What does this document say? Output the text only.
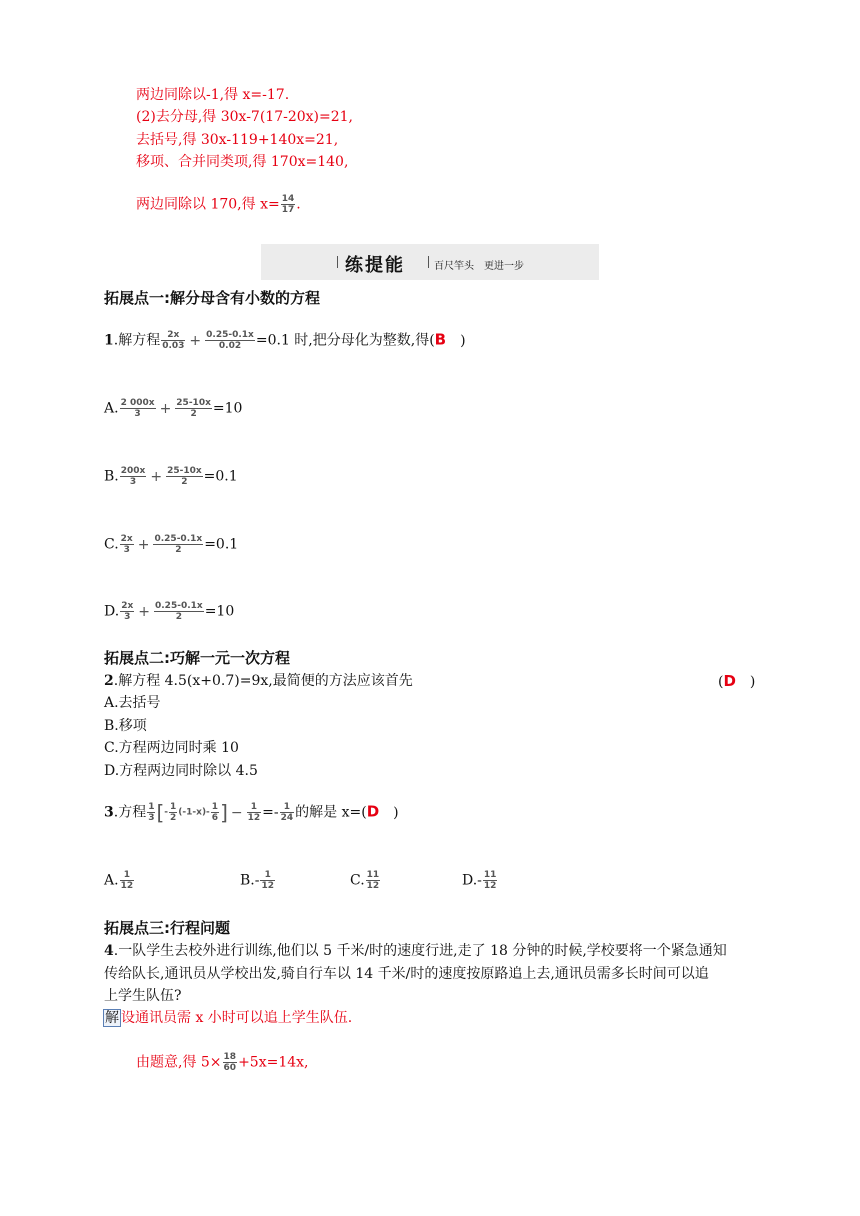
两边同除以-1,得 x=-17.
(2)去分母,得 30x-7(17-20x)=21,
去括号,得 30x-119+140x=21,
移项、合并同类项,得 170x=140,
两边同除以 170,得 $x= \frac{14}{17}$ .
练提能	百尺竿头　更进一步
拓展点一:解分母含有小数的方程
1.解方程 $\frac{2x}{0.03} + \frac{0.25-0.1x}{0.02} =0.1$ 时,把分母化为整数,得(B )
A. $\frac{2 000x}{3} + \frac{25-10x}{2} =10$
B. $\frac{200x}{3} + \frac{25-10x}{2} =0.1$
C. $\frac{2x}{3} + \frac{0.25-0.1x}{2} =0.1$
D. $\frac{2x}{3} + \frac{0.25-0.1x}{2} =10$
拓展点二:巧解一元一次方程
2.解方程 4.5(x+0.7)=9x,最简便的方法应该首先	(D )
A.去括号
B.移项
C.方程两边同时乘 10
D.方程两边同时除以 4.5
3.方程 $\frac{1}{3}$ [- $\frac{1}{2} (-1-x)- \frac{1}{6}$ ] − $\frac{1}{12} =- \frac{1}{24}$ 的解是 x=(D )
A. $\frac{1}{12}$	$B.- \frac{1}{12}$	C. $\frac{11}{12}$	$D.- \frac{11}{12}$
拓展点三:行程问题
4.一队学生去校外进行训练,他们以 5 千米/时的速度行进,走了 18 分钟的时候,学校要将一个紧急通知
传给队长,通讯员从学校出发,骑自行车以 14 千米/时的速度按原路追上去,通讯员需多长时间可以追
上学生队伍?
解 设通讯员需 x 小时可以追上学生队伍.
由题意,得 $5\times \frac{18}{60} +5x=14x$,
